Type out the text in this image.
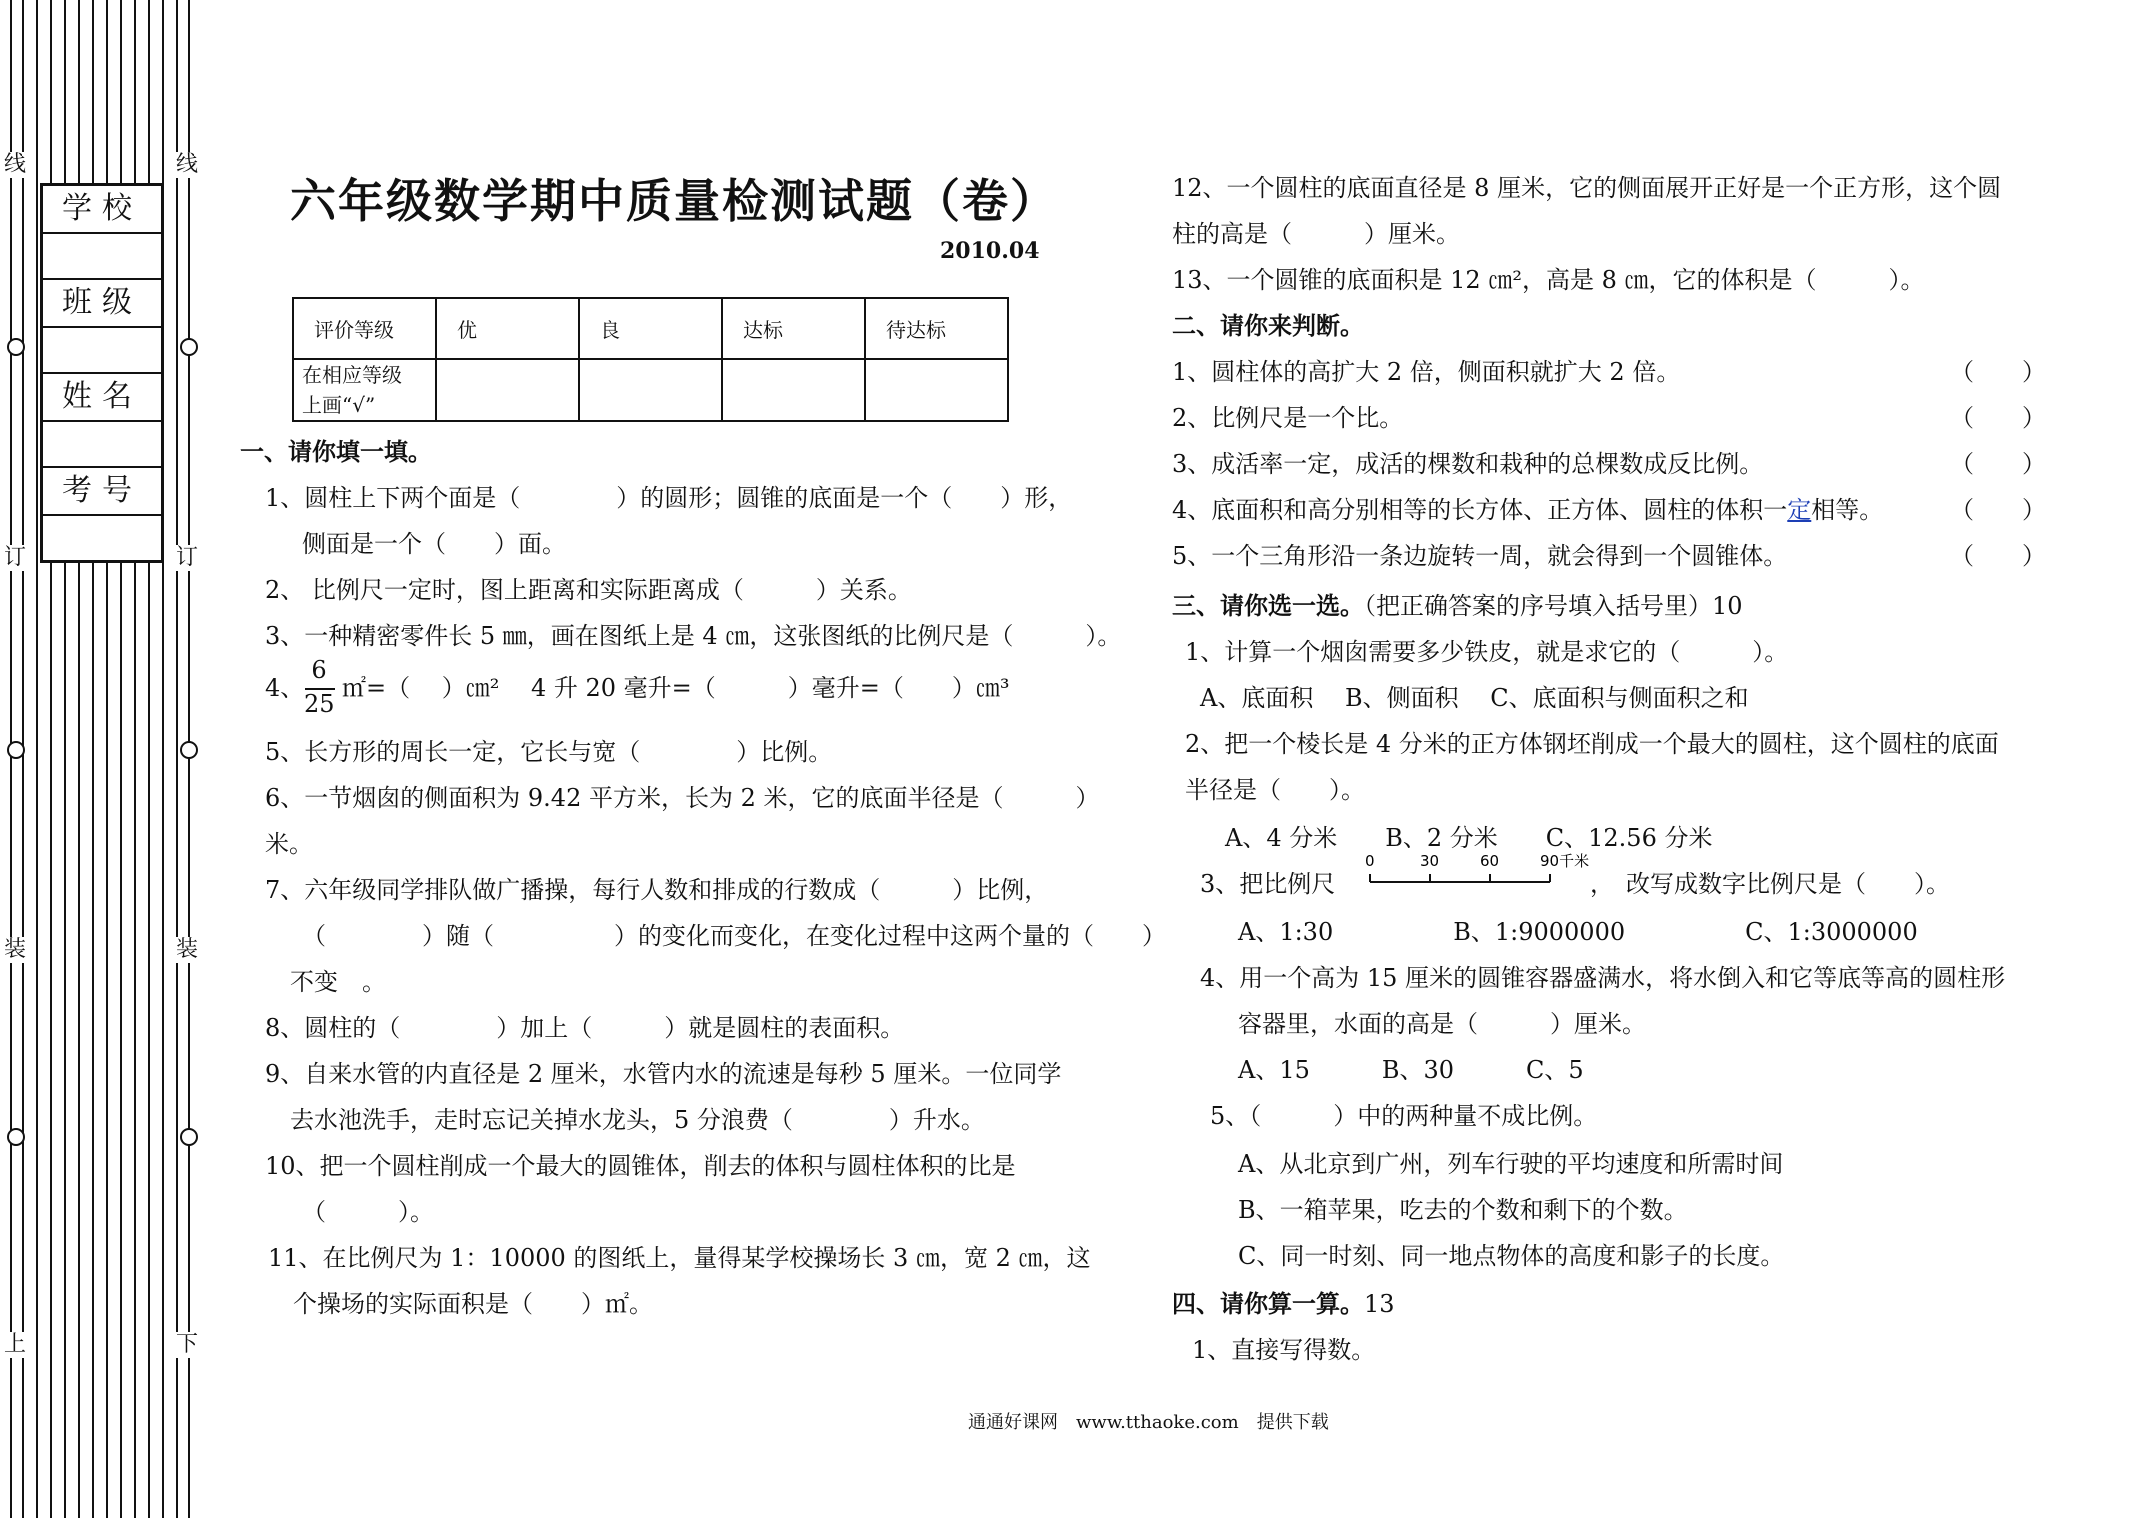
线
订
装
上
线
订
装
下
学校
班级
姓名
考号
六年级数学期中质量检测试题（卷）
2010.04
评价等级	优	良	达标	待达标

在相应等级
上画“√”				

一、请你填一填。
1、圆柱上下两个面是（　　　　）的圆形；圆锥的底面是一个（　　）形，
侧面是一个（　　）面。
2、 比例尺一定时，图上距离和实际距离成（　　　）关系。
3、一种精密零件长 5 ㎜，画在图纸上是 4 ㎝，这张图纸的比例尺是（　　　）。
4、
6
25
㎡=（　 ）㎝²　 4 升 20 毫升=（　　　）毫升=（　　）㎝³
5、长方形的周长一定，它长与宽（　　　　）比例。
6、一节烟囱的侧面积为 9.42 平方米，长为 2 米，它的底面半径是（　　　）
米。
7、六年级同学排队做广播操，每行人数和排成的行数成（　　　）比例，
（　　　　）随（　　　　　）的变化而变化，在变化过程中这两个量的（　　）
不变　。
8、圆柱的（　　　　）加上（　　　）就是圆柱的表面积。
9、自来水管的内直径是 2 厘米，水管内水的流速是每秒 5 厘米。一位同学
去水池洗手，走时忘记关掉水龙头，5 分浪费（　　　　）升水。
10、把一个圆柱削成一个最大的圆锥体，削去的体积与圆柱体积的比是
（　　　）。
11、在比例尺为 1：10000 的图纸上，量得某学校操场长 3 ㎝，宽 2 ㎝，这
个操场的实际面积是（　　）㎡。
12、一个圆柱的底面直径是 8 厘米，它的侧面展开正好是一个正方形，这个圆
柱的高是（　　　）厘米。
13、一个圆锥的底面积是 12 ㎝²，高是 8 ㎝，它的体积是（　　　）。
二、请你来判断。
1、圆柱体的高扩大 2 倍，侧面积就扩大 2 倍。	（　　）
2、比例尺是一个比。	（　　）
3、成活率一定，成活的棵数和栽种的总棵数成反比例。	（　　）
4、底面积和高分别相等的长方体、正方体、圆柱的体积一定相等。	（　　）
5、一个三角形沿一条边旋转一周，就会得到一个圆锥体。	（　　）
三、请你选一选。（把正确答案的序号填入括号里）10
1、计算一个烟囱需要多少铁皮，就是求它的（　　　）。
A、底面积　 B、侧面积　 C、底面积与侧面积之和
2、把一个棱长是 4 分米的正方体钢坯削成一个最大的圆柱，这个圆柱的底面
半径是（　　）。
A、4 分米　　B、2 分米　　C、12.56 分米
3、把比例尺
0	30	60	90千米
，　改写成数字比例尺是（　　）。
A、1:30　　　　　B、1:9000000　　　　　C、1:3000000
4、用一个高为 15 厘米的圆锥容器盛满水，将水倒入和它等底等高的圆柱形
容器里，水面的高是（　　　）厘米。
A、15　　　B、30　　　C、5
5、（　　　）中的两种量不成比例。
A、从北京到广州，列车行驶的平均速度和所需时间
B、一箱苹果，吃去的个数和剩下的个数。
C、同一时刻、同一地点物体的高度和影子的长度。
四、请你算一算。13
1、直接写得数。
通通好课网　www.tthaoke.com　提供下载
